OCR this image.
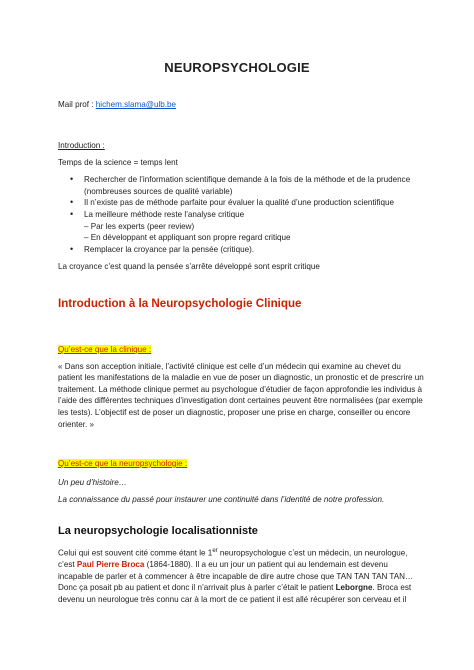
NEUROPSYCHOLOGIE
Mail prof : hichem.slama@ulb.be
Introduction :
Temps de la science = temps lent
• Rechercher de l’information scientifique demande à la fois de la méthode et de la prudence (nombreuses sources de qualité variable)
• Il n’existe pas de méthode parfaite pour évaluer la qualité d’une production scientifique
• La meilleure méthode reste l’analyse critique
– Par les experts (peer review)
– En développant et appliquant son propre regard critique
• Remplacer la croyance par la pensée (critique).
La croyance c’est quand la pensée s’arrête développé sont esprit critique
Introduction à la Neuropsychologie Clinique
Qu’est-ce que la clinique :
« Dans son acception initiale, l’activité clinique est celle d’un médecin qui examine au chevet du patient les manifestations de la maladie en vue de poser un diagnostic, un pronostic et de prescrire un traitement. La méthode clinique permet au psychologue d’étudier de façon approfondie les individus à l’aide des différentes techniques d’investigation dont certaines peuvent être normalisées (par exemple les tests). L’objectif est de poser un diagnostic, proposer une prise en charge, conseiller ou encore orienter. »
Qu’est-ce que la neuropsychologie :
Un peu d’histoire…
La connaissance du passé pour instaurer une continuité dans l’identité de notre profession.
La neuropsychologie localisationniste
Celui qui est souvent cité comme étant le 1er neuropsychologue c’est un médecin, un neurologue, c’est Paul Pierre Broca (1864-1880). Il a eu un jour un patient qui au lendemain est devenu incapable de parler et à commencer à être incapable de dire autre chose que TAN TAN TAN TAN… Donc ça posait pb au patient et donc il n’arrivait plus à parler c’était le patient Leborgne. Broca est devenu un neurologue très connu car à la mort de ce patient il est allé récupérer son cerveau et il
